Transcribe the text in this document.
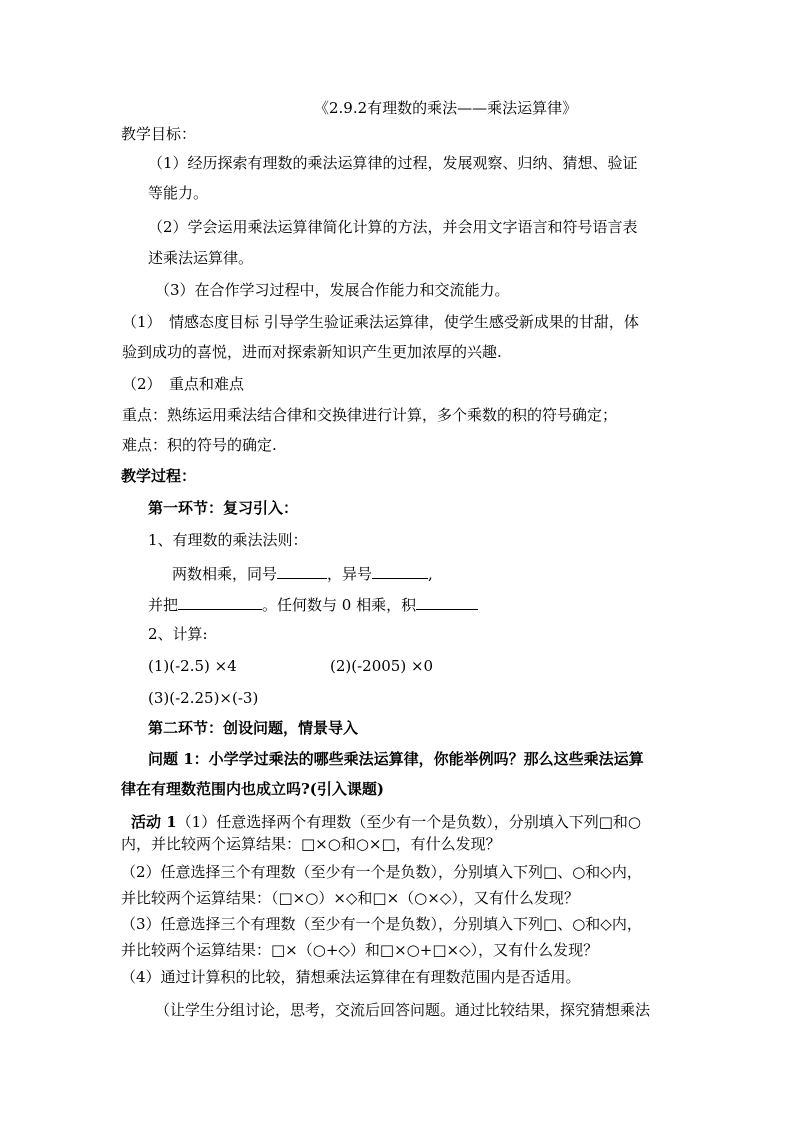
《2.9.2有理数的乘法——乘法运算律》
教学目标：
（1）经历探索有理数的乘法运算律的过程，发展观察、归纳、猜想、验证
等能力。
（2）学会运用乘法运算律简化计算的方法，并会用文字语言和符号语言表
述乘法运算律。
（3）在合作学习过程中，发展合作能力和交流能力。
（1）　情感态度目标 引导学生验证乘法运算律，使学生感受新成果的甘甜，体
验到成功的喜悦，进而对探索新知识产生更加浓厚的兴趣.
（2）　重点和难点
重点：熟练运用乘法结合律和交换律进行计算，多个乘数的积的符号确定；
难点：积的符号的确定.
教学过程：
第一环节：复习引入：
1、有理数的乘法法则：
两数相乘，同号	，异号	,
并把	。任何数与 0 相乘，积
2、计算:
(1)(-2.5) ×4	(2)(-2005) ×0
(3)(-2.25)×(-3)
第二环节：创设问题，情景导入
问题 1：小学学过乘法的哪些乘法运算律，你能举例吗？那么这些乘法运算
律在有理数范围内也成立吗?(引入课题)
活动 1（1）任意选择两个有理数（至少有一个是负数），分别填入下列□和○
内，并比较两个运算结果：□×○和○×□，有什么发现？
（2）任意选择三个有理数（至少有一个是负数），分别填入下列□、○和◇内，
并比较两个运算结果：（□×○）×◇和□×（○×◇），又有什么发现？
（3）任意选择三个有理数（至少有一个是负数），分别填入下列□、○和◇内，
并比较两个运算结果：□×（○+◇）和□×○+□×◇），又有什么发现？
（4）通过计算积的比较，猜想乘法运算律在有理数范围内是否适用。
（让学生分组讨论，思考，交流后回答问题。通过比较结果，探究猜想乘法
